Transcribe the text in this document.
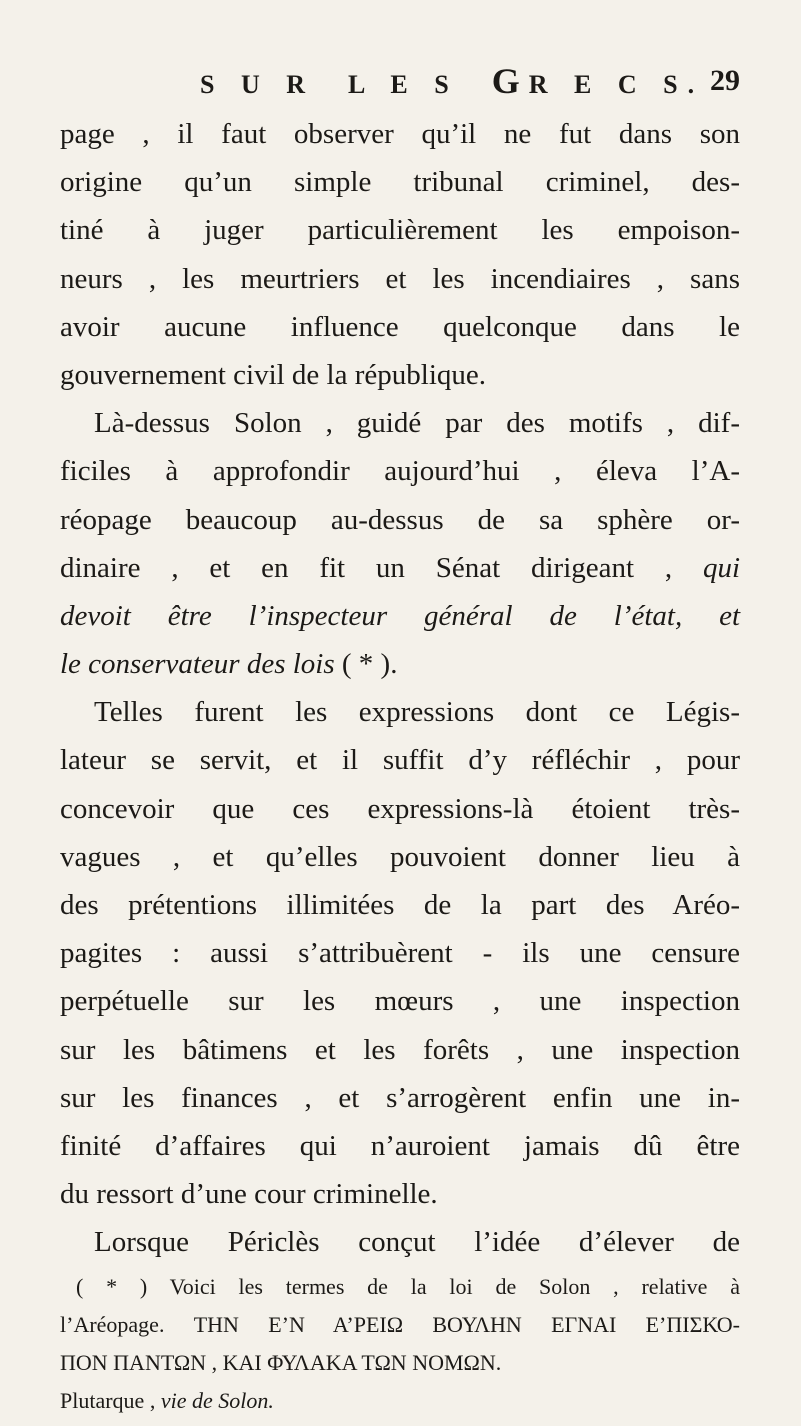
S U R L E S GR E C S. 29
page , il faut observer qu’il ne fut dans son
origine qu’un simple tribunal criminel, des-
tiné à juger particulièrement les empoison-
neurs , les meurtriers et les incendiaires , sans
avoir aucune influence quelconque dans le
gouvernement civil de la république.
Là-dessus Solon , guidé par des motifs , dif-
ficiles à approfondir aujourd’hui , éleva l’A-
réopage beaucoup au-dessus de sa sphère or-
dinaire , et en fit un Sénat dirigeant , qui
devoit être l’inspecteur général de l’état, et
le conservateur des lois ( * ).
Telles furent les expressions dont ce Légis-
lateur se servit, et il suffit d’y réfléchir , pour
concevoir que ces expressions-là étoient très-
vagues , et qu’elles pouvoient donner lieu à
des prétentions illimitées de la part des Aréo-
pagites : aussi s’attribuèrent - ils une censure
perpétuelle sur les mœurs , une inspection
sur les bâtimens et les forêts , une inspection
sur les finances , et s’arrogèrent enfin une in-
finité d’affaires qui n’auroient jamais dû être
du ressort d’une cour criminelle.
Lorsque Périclès conçut l’idée d’élever de
( * ) Voici les termes de la loi de Solon , relative à
l’Aréopage. ΤΗΝ Ε’Ν Α’ΡΕΙΩ ΒΟΥΛΗΝ ΕΓΝΑΙ Ε’ΠΙΣΚΟ-
ΠΟΝ ΠΑΝΤΩΝ , ΚΑΙ ΦΥΛΑΚΑ ΤΩΝ ΝΟΜΩΝ.
Plutarque , vie de Solon.
